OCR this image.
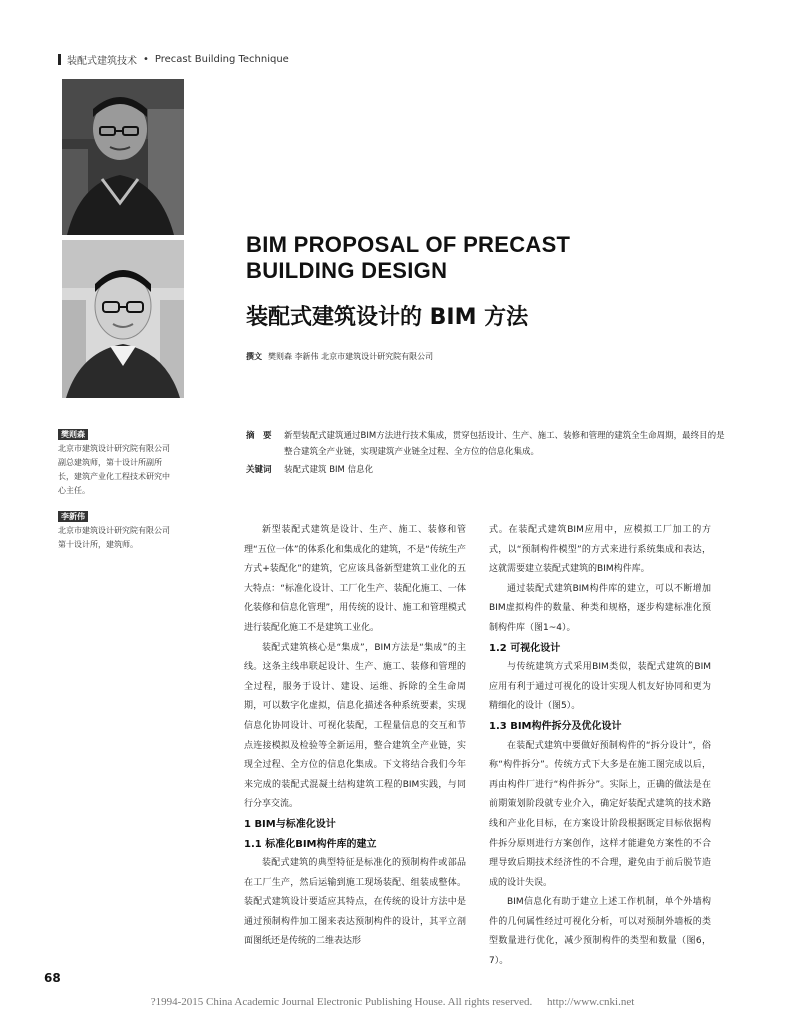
装配式建筑技术 • Precast Building Technique
BIM PROPOSAL OF PRECAST
BUILDING DESIGN
装配式建筑设计的 BIM 方法
撰文 樊则森 李新伟 北京市建筑设计研究院有限公司
樊则森
北京市建筑设计研究院有限公司
副总建筑师，第十设计所副所
长，建筑产业化工程技术研究中
心主任。
李新伟
北京市建筑设计研究院有限公司
第十设计所，建筑师。
摘　要	新型装配式建筑通过BIM方法进行技术集成，贯穿包括设计、生产、施工、装修和管理的建筑全生命周期，最终目的是整合建筑全产业链，实现建筑产业链全过程、全方位的信息化集成。
关键词	装配式建筑 BIM 信息化

新型装配式建筑是设计、生产、施工、装修和管理“五位一体”的体系化和集成化的建筑，不是“传统生产方式+装配化”的建筑，它应该具备新型建筑工业化的五大特点：“标准化设计、工厂化生产、装配化施工、一体化装修和信息化管理”，用传统的设计、施工和管理模式进行装配化施工不是建筑工业化。

装配式建筑核心是“集成”，BIM方法是“集成”的主线。这条主线串联起设计、生产、施工、装修和管理的全过程，服务于设计、建设、运维、拆除的全生命周期，可以数字化虚拟，信息化描述各种系统要素，实现信息化协同设计、可视化装配，工程量信息的交互和节点连接模拟及检验等全新运用，整合建筑全产业链，实现全过程、全方位的信息化集成。下文将结合我们今年来完成的装配式混凝土结构建筑工程的BIM实践，与同行分享交流。

1 BIM与标准化设计
1.1 标准化BIM构件库的建立

装配式建筑的典型特征是标准化的预制构件或部品在工厂生产，然后运输到施工现场装配、组装成整体。装配式建筑设计要适应其特点，在传统的设计方法中是通过预制构件加工图来表达预制构件的设计，其平立剖面图纸还是传统的二维表达形

式。在装配式建筑BIM应用中，应模拟工厂加工的方式，以“预制构件模型”的方式来进行系统集成和表达，这就需要建立装配式建筑的BIM构件库。

通过装配式建筑BIM构件库的建立，可以不断增加BIM虚拟构件的数量、种类和规格，逐步构建标准化预制构件库（图1~4）。

1.2 可视化设计

与传统建筑方式采用BIM类似，装配式建筑的BIM应用有利于通过可视化的设计实现人机友好协同和更为精细化的设计（图5）。

1.3 BIM构件拆分及优化设计

在装配式建筑中要做好预制构件的“拆分设计”，俗称“构件拆分”。传统方式下大多是在施工图完成以后，再由构件厂进行“构件拆分”。实际上，正确的做法是在前期策划阶段就专业介入，确定好装配式建筑的技术路线和产业化目标，在方案设计阶段根据既定目标依据构件拆分原则进行方案创作，这样才能避免方案性的不合理导致后期技术经济性的不合理，避免由于前后脱节造成的设计失误。

BIM信息化有助于建立上述工作机制，单个外墙构件的几何属性经过可视化分析，可以对预制外墙板的类型数量进行优化，减少预制构件的类型和数量（图6，7）。

68
?1994-2015 China Academic Journal Electronic Publishing House. All rights reserved. http://www.cnki.net
